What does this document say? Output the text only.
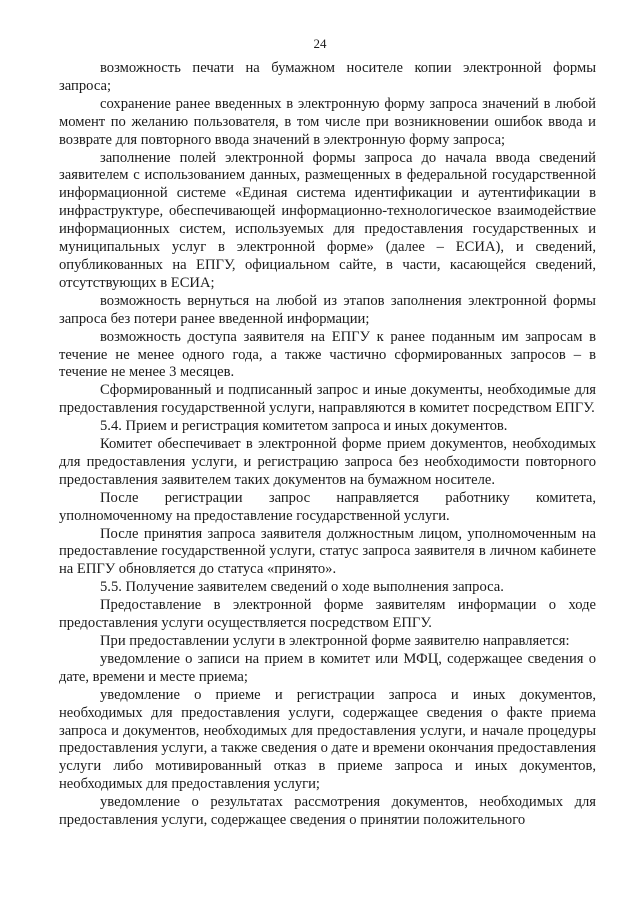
24

возможность печати на бумажном носителе копии электронной формы запроса;

сохранение ранее введенных в электронную форму запроса значений в любой момент по желанию пользователя, в том числе при возникновении ошибок ввода и возврате для повторного ввода значений в электронную форму запроса;

заполнение полей электронной формы запроса до начала ввода сведений заявителем с использованием данных, размещенных в федеральной государственной информационной системе «Единая система идентификации и аутентификации в инфраструктуре, обеспечивающей информационно-технологическое взаимодействие информационных систем, используемых для предоставления государственных и муниципальных услуг в электронной форме» (далее – ЕСИА), и сведений, опубликованных на ЕПГУ, официальном сайте, в части, касающейся сведений, отсутствующих в ЕСИА;

возможность вернуться на любой из этапов заполнения электронной формы запроса без потери ранее введенной информации;

возможность доступа заявителя на ЕПГУ к ранее поданным им запросам в течение не менее одного года, а также частично сформированных запросов – в течение не менее 3 месяцев.

Сформированный и подписанный запрос и иные документы, необходимые для предоставления государственной услуги, направляются в комитет посредством ЕПГУ.

5.4. Прием и регистрация комитетом запроса и иных документов.

Комитет обеспечивает в электронной форме прием документов, необходимых для предоставления услуги, и регистрацию запроса без необходимости повторного предоставления заявителем таких документов на бумажном носителе.

После регистрации запрос направляется работнику комитета, уполномоченному на предоставление государственной услуги.

После принятия запроса заявителя должностным лицом, уполномоченным на предоставление государственной услуги, статус запроса заявителя в личном кабинете на ЕПГУ обновляется до статуса «принято».

5.5. Получение заявителем сведений о ходе выполнения запроса.

Предоставление в электронной форме заявителям информации о ходе предоставления услуги осуществляется посредством ЕПГУ.

При предоставлении услуги в электронной форме заявителю направляется:

уведомление о записи на прием в комитет или МФЦ, содержащее сведения о дате, времени и месте приема;

уведомление о приеме и регистрации запроса и иных документов, необходимых для предоставления услуги, содержащее сведения о факте приема запроса и документов, необходимых для предоставления услуги, и начале процедуры предоставления услуги, а также сведения о дате и времени окончания предоставления услуги либо мотивированный отказ в приеме запроса и иных документов, необходимых для предоставления услуги;

уведомление о результатах рассмотрения документов, необходимых для предоставления услуги, содержащее сведения о принятии положительного
